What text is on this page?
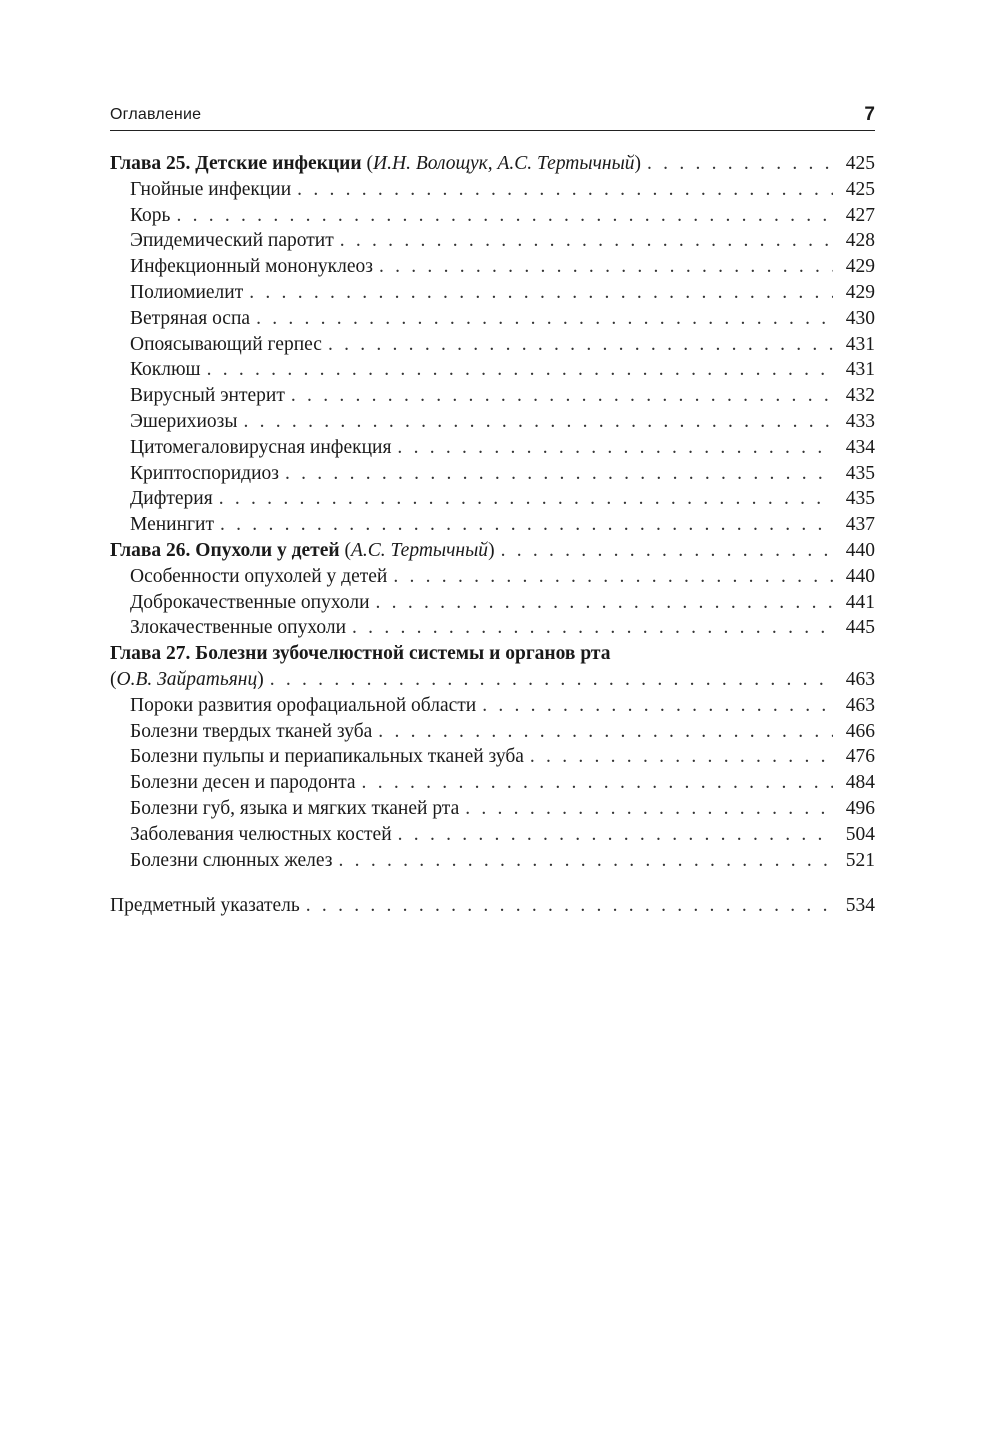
Оглавление	7
Глава 25. Детские инфекции (И.Н. Волощук, А.С. Тертычный) . . .	425
Гнойные инфекции . . .	425
Корь . . .	427
Эпидемический паротит . . .	428
Инфекционный мононуклеоз . . .	429
Полиомиелит . . .	429
Ветряная оспа . . .	430
Опоясывающий герпес . . .	431
Коклюш . . .	431
Вирусный энтерит . . .	432
Эшерихиозы . . .	433
Цитомегаловирусная инфекция . . .	434
Криптоспоридиоз . . .	435
Дифтерия . . .	435
Менингит . . .	437
Глава 26. Опухоли у детей (А.С. Тертычный) . . .	440
Особенности опухолей у детей . . .	440
Доброкачественные опухоли . . .	441
Злокачественные опухоли . . .	445
Глава 27. Болезни зубочелюстной системы и органов рта
(О.В. Зайратьянц) . . .	463
Пороки развития орофациальной области . . .	463
Болезни твердых тканей зуба . . .	466
Болезни пульпы и периапикальных тканей зуба . . .	476
Болезни десен и пародонта . . .	484
Болезни губ, языка и мягких тканей рта . . .	496
Заболевания челюстных костей . . .	504
Болезни слюнных желез . . .	521
Предметный указатель . . .	534
